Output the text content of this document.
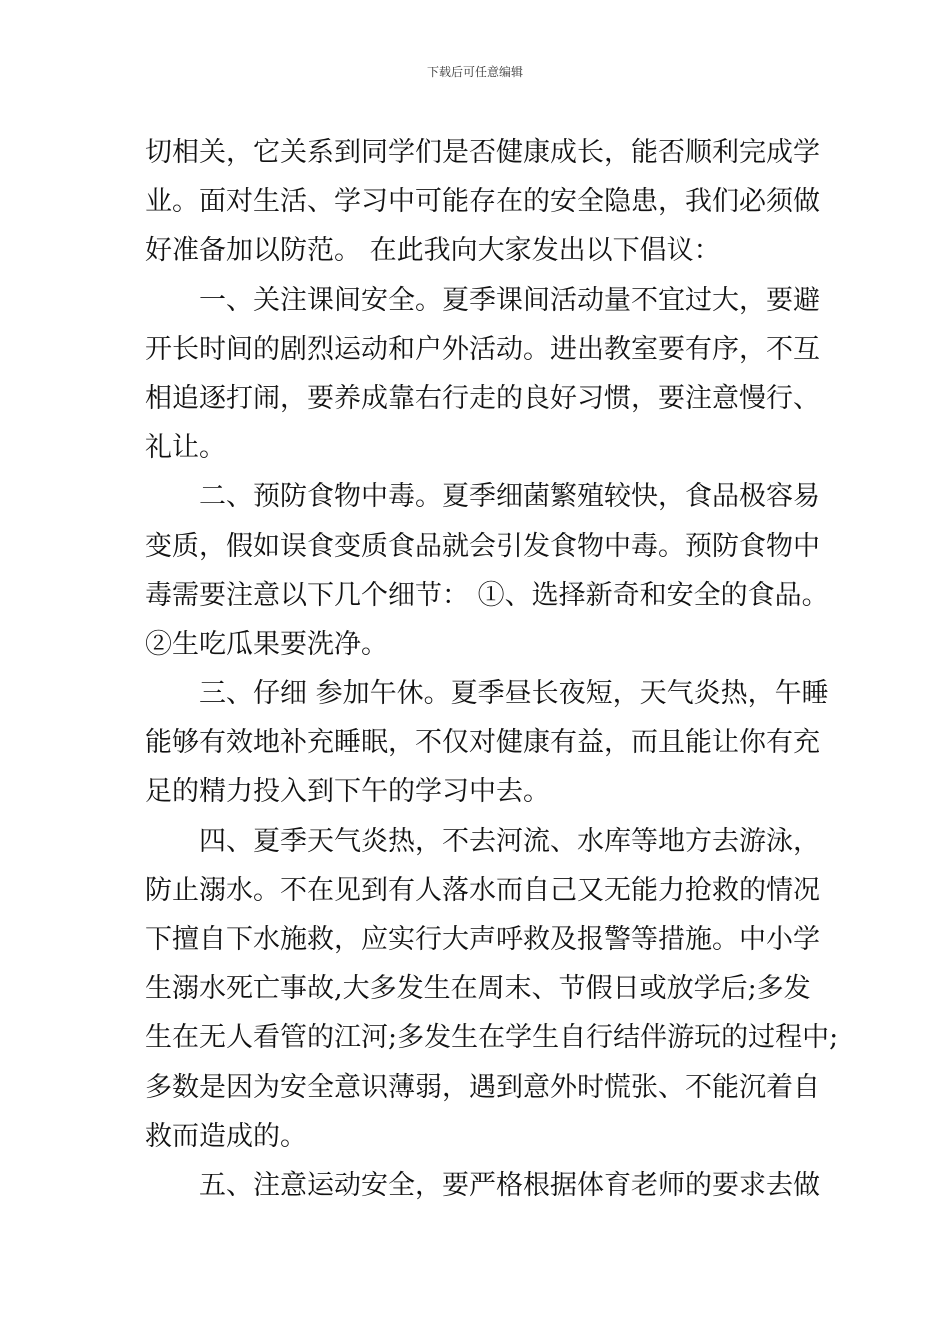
下载后可任意编辑
切相关，它关系到同学们是否健康成长，能否顺利完成学
业。面对生活、学习中可能存在的安全隐患，我们必须做
好准备加以防范。 在此我向大家发出以下倡议：
　　一、关注课间安全。夏季课间活动量不宜过大，要避
开长时间的剧烈运动和户外活动。进出教室要有序，不互
相追逐打闹，要养成靠右行走的良好习惯，要注意慢行、
礼让。
　　二、预防食物中毒。夏季细菌繁殖较快，食品极容易
变质，假如误食变质食品就会引发食物中毒。预防食物中
毒需要注意以下几个细节： ①、选择新奇和安全的食品。
②生吃瓜果要洗净。
　　三、仔细 参加午休。夏季昼长夜短，天气炎热，午睡
能够有效地补充睡眠，不仅对健康有益，而且能让你有充
足的精力投入到下午的学习中去。
　　四、夏季天气炎热，不去河流、水库等地方去游泳，
防止溺水。不在见到有人落水而自己又无能力抢救的情况
下擅自下水施救，应实行大声呼救及报警等措施。中小学
生溺水死亡事故,大多发生在周末、节假日或放学后;多发
生在无人看管的江河;多发生在学生自行结伴游玩的过程中;
多数是因为安全意识薄弱，遇到意外时慌张、不能沉着自
救而造成的。
　　五、注意运动安全，要严格根据体育老师的要求去做
